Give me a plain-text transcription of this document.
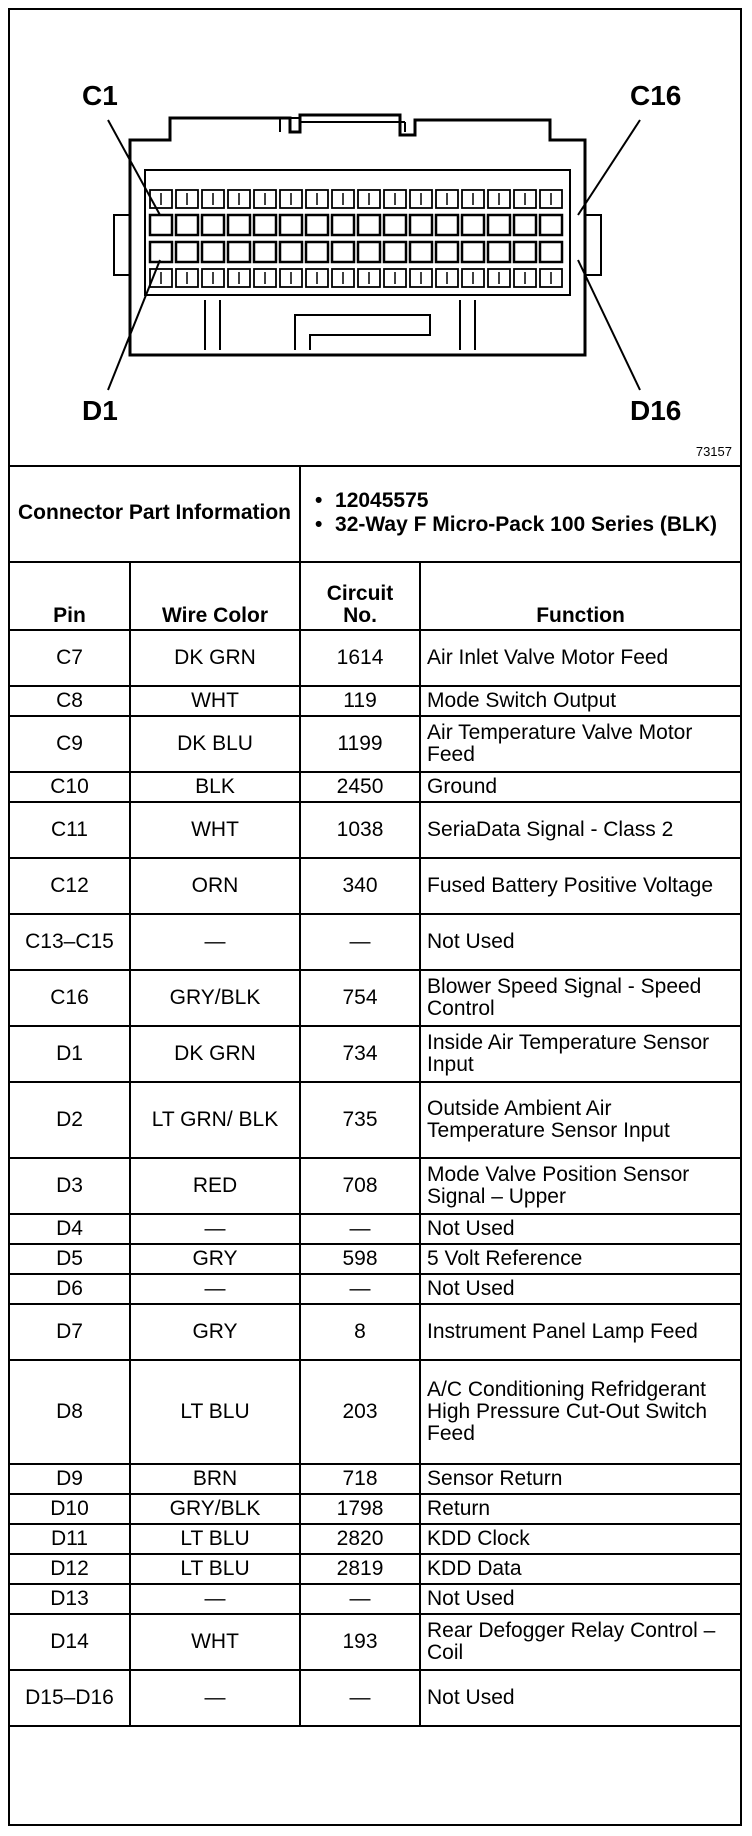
C1	C16
D1	D16
73157
Connector Part Information		• 12045575
• 32-Way F Micro-Pack 100 Series (BLK)	

Pin	Wire Color	Circuit No.	Function
C7	DK GRN	1614	Air Inlet Valve Motor Feed
C8	WHT	119	Mode Switch Output
C9	DK BLU	1199	Air Temperature Valve Motor Feed
C10	BLK	2450	Ground
C11	WHT	1038	SeriaData Signal - Class 2
C12	ORN	340	Fused Battery Positive Voltage
C13–C15	—	—	Not Used
C16	GRY/BLK	754	Blower Speed Signal - Speed Control
D1	DK GRN	734	Inside Air Temperature Sensor Input
D2	LT GRN/ BLK	735	Outside Ambient Air Temperature Sensor Input
D3	RED	708	Mode Valve Position Sensor Signal – Upper
D4	—	—	Not Used
D5	GRY	598	5 Volt Reference
D6	—	—	Not Used
D7	GRY	8	Instrument Panel Lamp Feed
D8	LT BLU	203	A/C Conditioning Refridgerant High Pressure Cut-Out Switch Feed
D9	BRN	718	Sensor Return
D10	GRY/BLK	1798	Return
D11	LT BLU	2820	KDD Clock
D12	LT BLU	2819	KDD Data
D13	—	—	Not Used
D14	WHT	193	Rear Defogger Relay Control – Coil
D15–D16	—	—	Not Used
